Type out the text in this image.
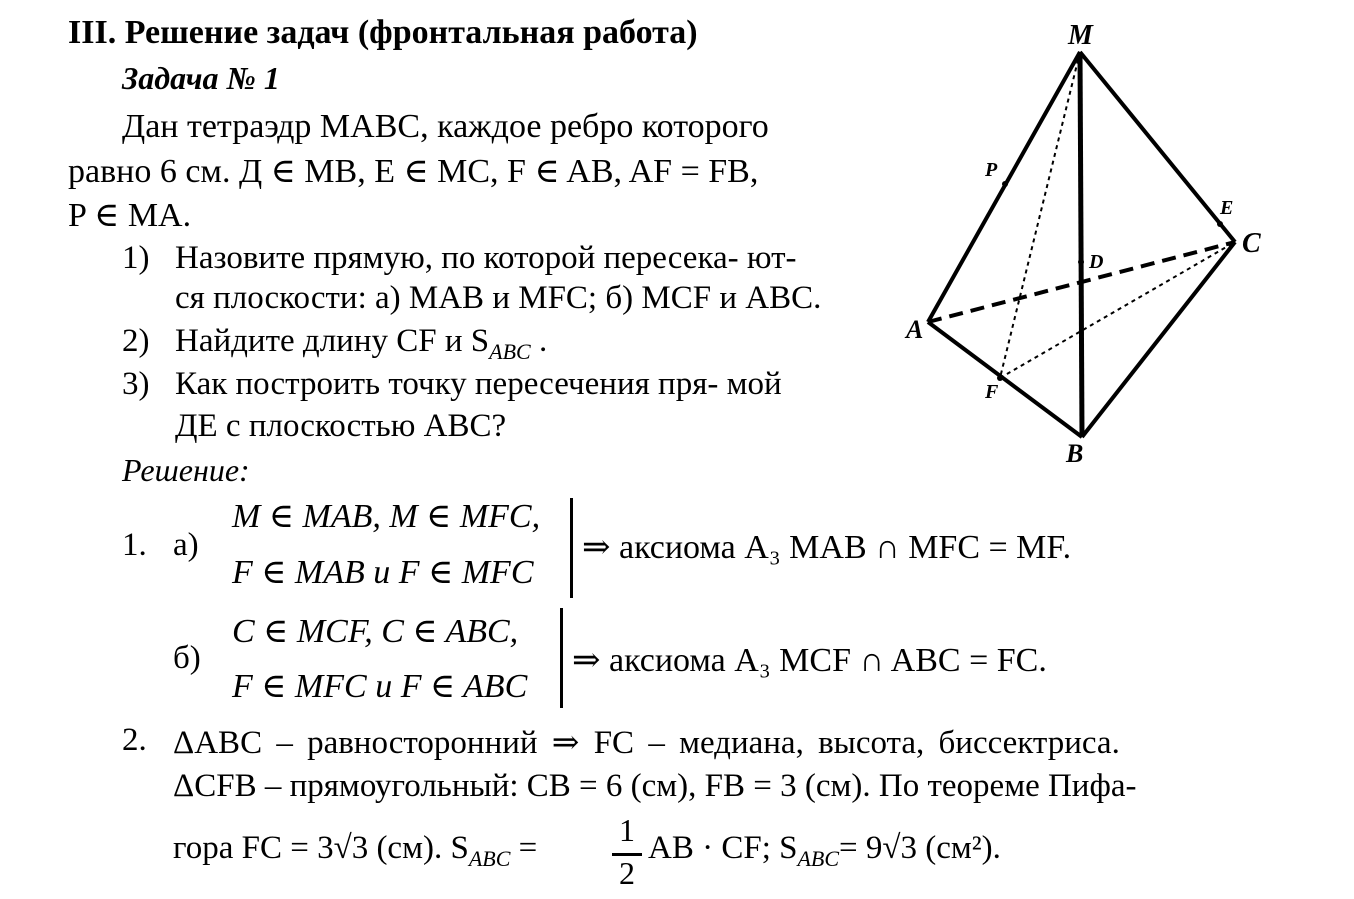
III. Решение задач (фронтальная работа)
Задача № 1
Дан тетраэдр MABC, каждое ребро которого
равно 6 см. Д ∈ MB, E ∈ MC, F ∈ AB, AF = FB,
P ∈ MA.
1) Назовите прямую, по которой пересека- ют-
ся плоскости: а) MAB и MFC; б) MCF и ABC.
2) Найдите длину CF и $S_{ABC}$ .
3) Как построить точку пересечения пря- мой
ДЕ с плоскостью АВС?
Решение:
1. а)
M ∈ MAB, M ∈ MFC,
F ∈ MAB и F ∈ MFC
⇒ аксиома А₃ MAB ∩ MFC = MF.
б)
C ∈ MCF, C ∈ ABC,
F ∈ MFC и F ∈ ABC
⇒ аксиома А₃ MCF ∩ ABC = FC.
2. ΔABC – равносторонний ⇒ FC – медиана, высота, биссектриса.
ΔCFB – прямоугольный: CB = 6 (см), FB = 3 (см). По теореме Пифа-
гора FC = 3√3 (см). $S_{ABC}$ =	1
2
AB · CF; $S_{ABC}= 9√3$ (см²).
M
A
B
C
P
E
D
F
